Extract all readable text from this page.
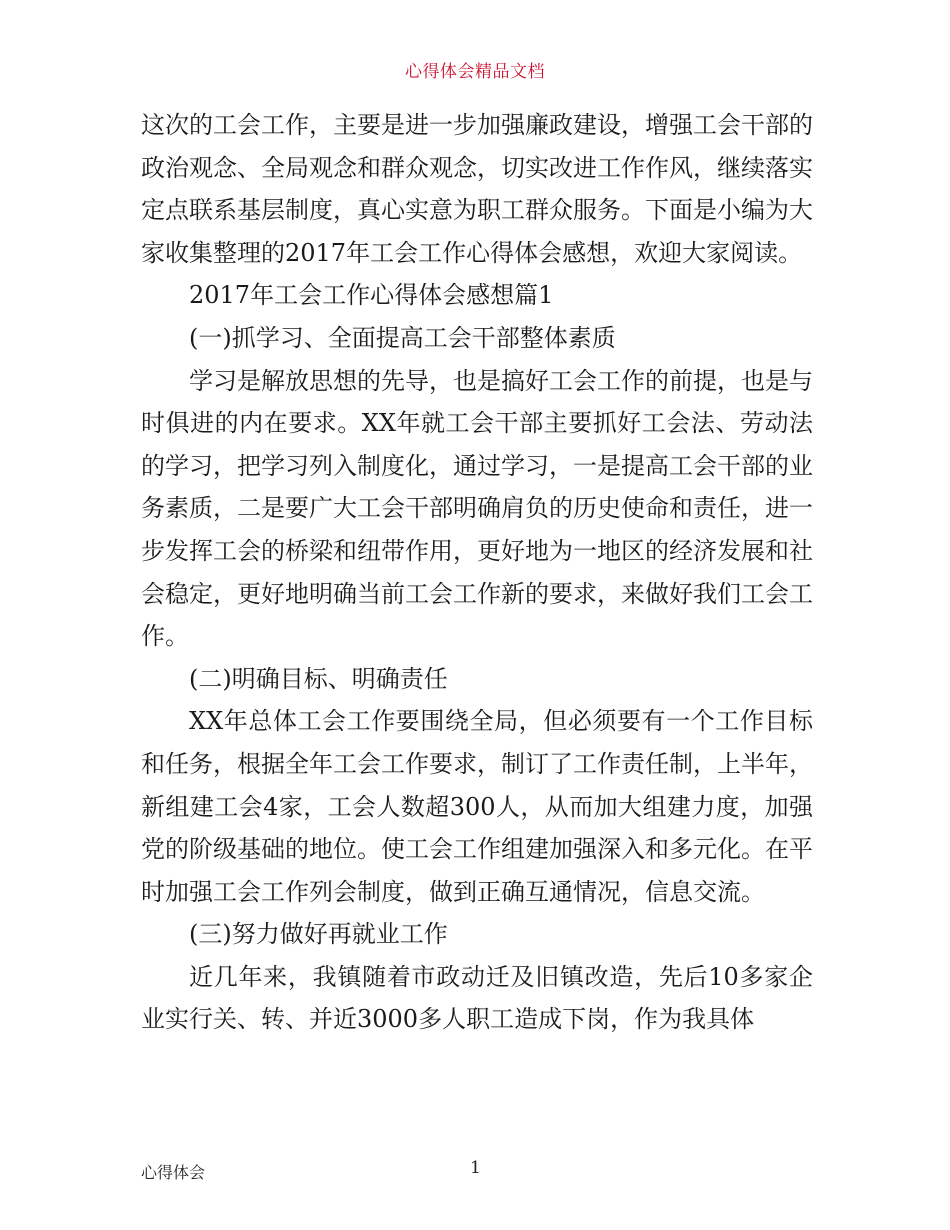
心得体会精品文档

这次的工会工作，主要是进一步加强廉政建设，增强工会干部的政治观念、全局观念和群众观念，切实改进工作作风，继续落实定点联系基层制度，真心实意为职工群众服务。下面是小编为大家收集整理的2017年工会工作心得体会感想，欢迎大家阅读。

2017年工会工作心得体会感想篇1

(一)抓学习、全面提高工会干部整体素质

学习是解放思想的先导，也是搞好工会工作的前提，也是与时俱进的内在要求。XX年就工会干部主要抓好工会法、劳动法的学习，把学习列入制度化，通过学习，一是提高工会干部的业务素质，二是要广大工会干部明确肩负的历史使命和责任，进一步发挥工会的桥梁和纽带作用，更好地为一地区的经济发展和社会稳定，更好地明确当前工会工作新的要求，来做好我们工会工作。

(二)明确目标、明确责任

XX年总体工会工作要围绕全局，但必须要有一个工作目标和任务，根据全年工会工作要求，制订了工作责任制，上半年，新组建工会4家，工会人数超300人，从而加大组建力度，加强党的阶级基础的地位。使工会工作组建加强深入和多元化。在平时加强工会工作列会制度，做到正确互通情况，信息交流。

(三)努力做好再就业工作

近几年来，我镇随着市政动迁及旧镇改造，先后10多家企业实行关、转、并近3000多人职工造成下岗，作为我具体

心得体会	1
